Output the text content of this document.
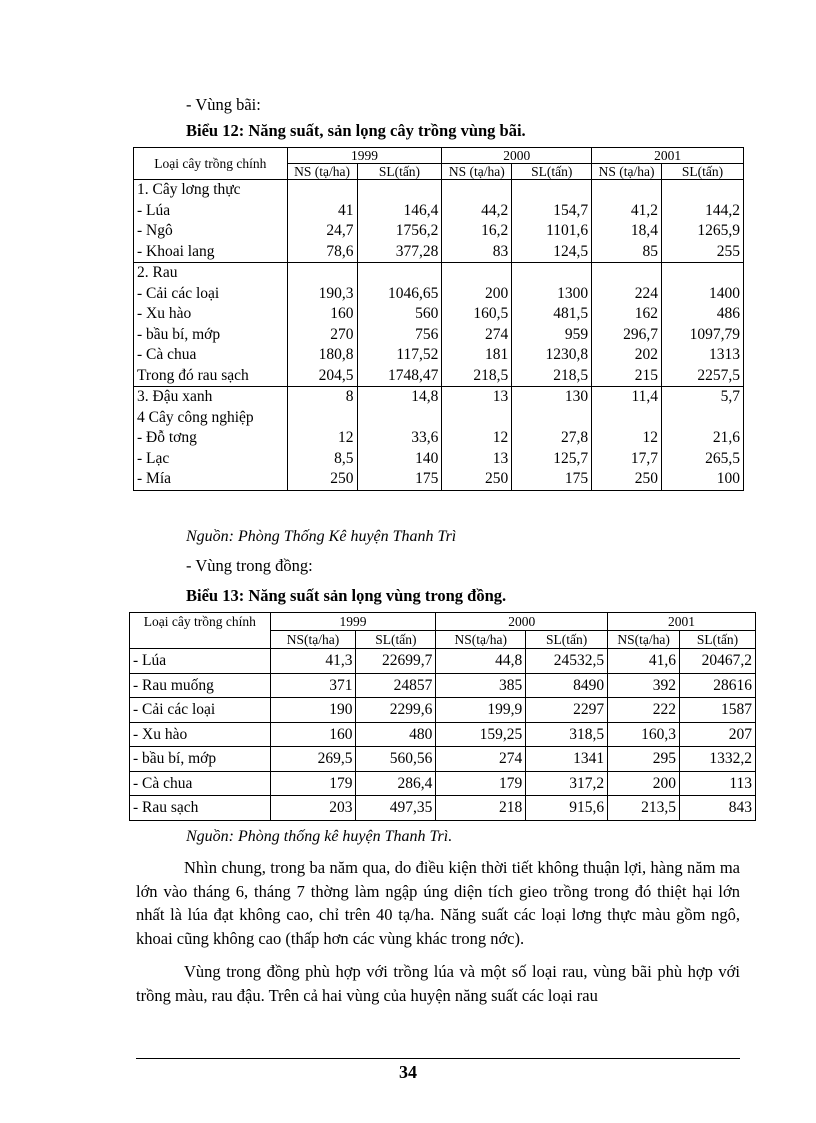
- Vùng bãi:
Biểu 12: Năng suất, sản lọng cây trồng vùng bãi.
Loại cây trồng chính	1999		2000		2001	
	NS (tạ/ha)	SL(tấn)	NS (tạ/ha)	SL(tấn)	NS (tạ/ha)	SL(tấn)
1. Cây lơng thực						
- Lúa	41	146,4	44,2	154,7	41,2	144,2
- Ngô	24,7	1756,2	16,2	1101,6	18,4	1265,9
- Khoai lang	78,6	377,28	83	124,5	85	255
2. Rau						
- Cải các loại	190,3	1046,65	200	1300	224	1400
- Xu hào	160	560	160,5	481,5	162	486
- bầu bí, mớp	270	756	274	959	296,7	1097,79
- Cà chua	180,8	117,52	181	1230,8	202	1313
Trong đó rau sạch	204,5	1748,47	218,5	218,5	215	2257,5
3. Đậu xanh	8	14,8	13	130	11,4	5,7
4 Cây công nghiệp						
- Đỗ tơng	12	33,6	12	27,8	12	21,6
- Lạc	8,5	140	13	125,7	17,7	265,5
- Mía	250	175	250	175	250	100
Nguồn: Phòng Thống Kê huyện Thanh Trì
- Vùng trong đồng:
Biểu 13: Năng suất sản lọng vùng trong đồng.
Loại cây trồng chính	1999		2000		2001	
	NS(tạ/ha)	SL(tấn)	NS(tạ/ha)	SL(tấn)	NS(tạ/ha)	SL(tấn)
- Lúa	41,3	22699,7	44,8	24532,5	41,6	20467,2
- Rau muống	371	24857	385	8490	392	28616
- Cải các loại	190	2299,6	199,9	2297	222	1587
- Xu hào	160	480	159,25	318,5	160,3	207
- bầu bí, mớp	269,5	560,56	274	1341	295	1332,2
- Cà chua	179	286,4	179	317,2	200	113
- Rau sạch	203	497,35	218	915,6	213,5	843
Nguồn: Phòng thống kê huyện Thanh Trì.

Nhìn chung, trong ba năm qua, do điều kiện thời tiết không thuận lợi, hàng năm ma lớn vào tháng 6, tháng 7 thờng làm ngập úng diện tích gieo trồng trong đó thiệt hại lớn nhất là lúa đạt không cao, chỉ trên 40 tạ/ha. Năng suất các loại lơng thực màu gồm ngô, khoai cũng không cao (thấp hơn các vùng khác trong nớc).

Vùng trong đồng phù hợp với trồng lúa và một số loại rau, vùng bãi phù hợp với trồng màu, rau đậu. Trên cả hai vùng của huyện năng suất các loại rau

34
